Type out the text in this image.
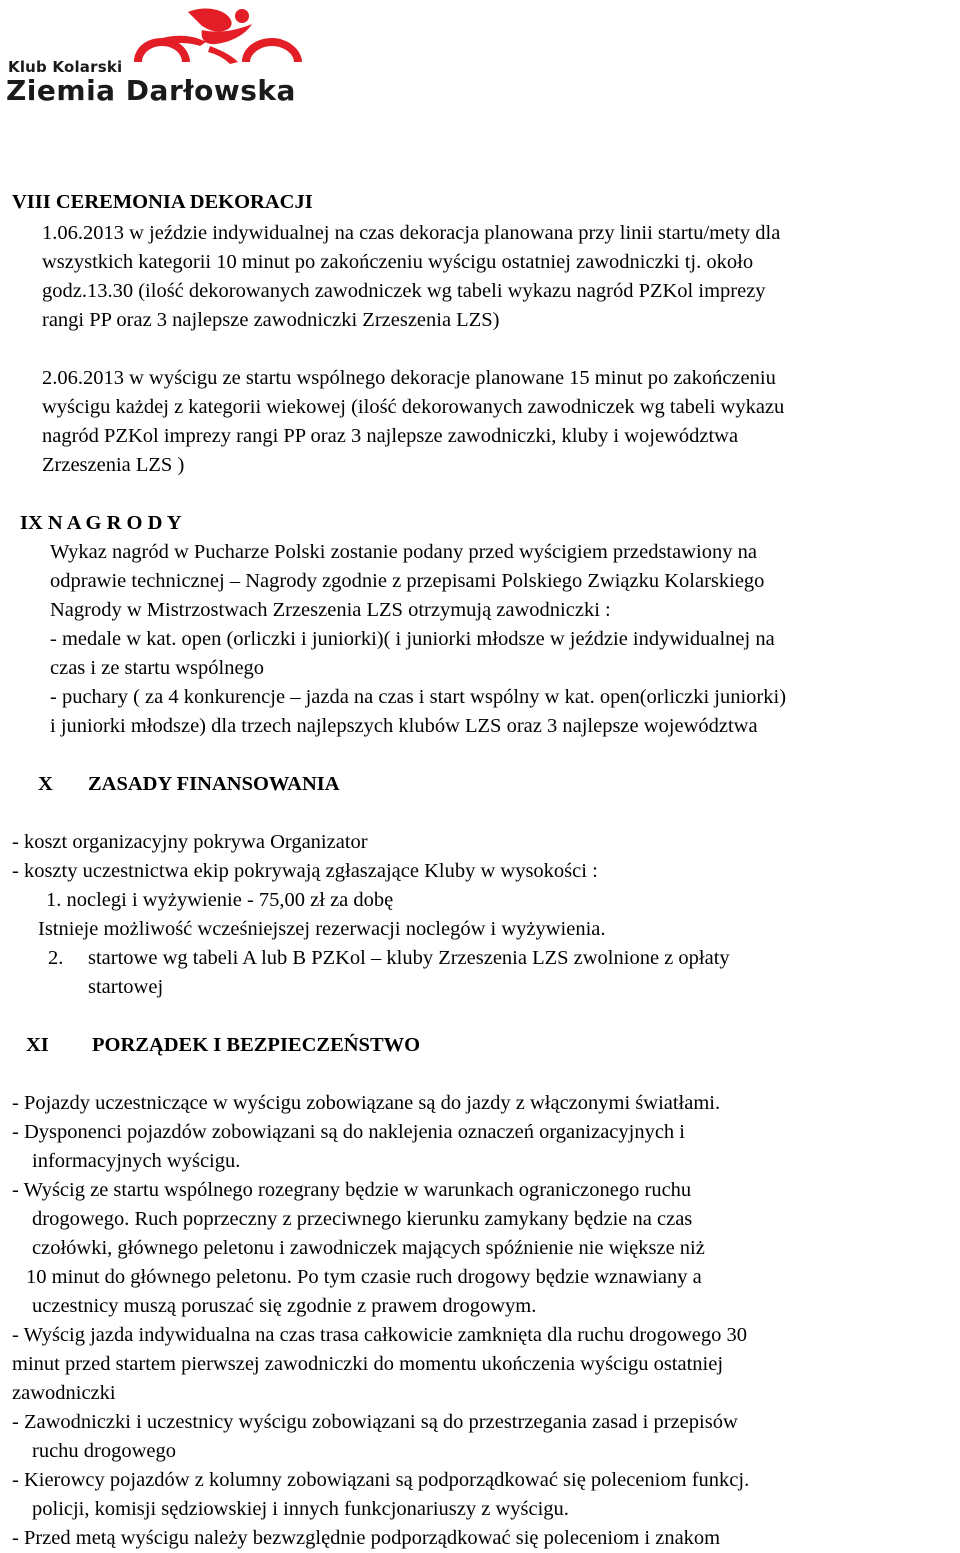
Klub Kolarski
Ziemia Darłowska
VIII CEREMONIA DEKORACJI
1.06.2013 w jeździe indywidualnej na czas dekoracja planowana przy linii startu/mety dla
wszystkich kategorii 10 minut po zakończeniu wyścigu ostatniej zawodniczki tj. około
godz.13.30 (ilość dekorowanych zawodniczek wg tabeli wykazu nagród PZKol imprezy
rangi PP oraz 3 najlepsze zawodniczki Zrzeszenia LZS)
2.06.2013 w wyścigu ze startu wspólnego dekoracje planowane 15 minut po zakończeniu
wyścigu każdej z kategorii wiekowej (ilość dekorowanych zawodniczek wg tabeli wykazu
nagród PZKol imprezy rangi PP oraz 3 najlepsze zawodniczki, kluby i województwa
Zrzeszenia LZS )
IX N A G R O D Y
Wykaz nagród w Pucharze Polski zostanie podany przed wyścigiem przedstawiony na
odprawie technicznej – Nagrody zgodnie z przepisami Polskiego Związku Kolarskiego
Nagrody w Mistrzostwach Zrzeszenia LZS otrzymują zawodniczki :
- medale w kat. open (orliczki i juniorki)( i juniorki młodsze w jeździe indywidualnej na
czas i ze startu wspólnego
- puchary ( za 4 konkurencje – jazda na czas i start wspólny w kat. open(orliczki juniorki)
i juniorki młodsze) dla trzech najlepszych klubów LZS oraz 3 najlepsze województwa
X ZASADY FINANSOWANIA
- koszt organizacyjny pokrywa Organizator
- koszty uczestnictwa ekip pokrywają zgłaszające Kluby w wysokości :
1. noclegi i wyżywienie - 75,00 zł za dobę
Istnieje możliwość wcześniejszej rezerwacji noclegów i wyżywienia.
2. startowe wg tabeli A lub B PZKol – kluby Zrzeszenia LZS zwolnione z opłaty
startowej
XI PORZĄDEK I BEZPIECZEŃSTWO
- Pojazdy uczestniczące w wyścigu zobowiązane są do jazdy z włączonymi światłami.
- Dysponenci pojazdów zobowiązani są do naklejenia oznaczeń organizacyjnych i
informacyjnych wyścigu.
- Wyścig ze startu wspólnego rozegrany będzie w warunkach ograniczonego ruchu
drogowego. Ruch poprzeczny z przeciwnego kierunku zamykany będzie na czas
czołówki, głównego peletonu i zawodniczek mających spóźnienie nie większe niż
10 minut do głównego peletonu. Po tym czasie ruch drogowy będzie wznawiany a
uczestnicy muszą poruszać się zgodnie z prawem drogowym.
- Wyścig jazda indywidualna na czas trasa całkowicie zamknięta dla ruchu drogowego 30
minut przed startem pierwszej zawodniczki do momentu ukończenia wyścigu ostatniej
zawodniczki
- Zawodniczki i uczestnicy wyścigu zobowiązani są do przestrzegania zasad i przepisów
ruchu drogowego
- Kierowcy pojazdów z kolumny zobowiązani są podporządkować się poleceniom funkcj.
policji, komisji sędziowskiej i innych funkcjonariuszy z wyścigu.
- Przed metą wyścigu należy bezwzględnie podporządkować się poleceniom i znakom
